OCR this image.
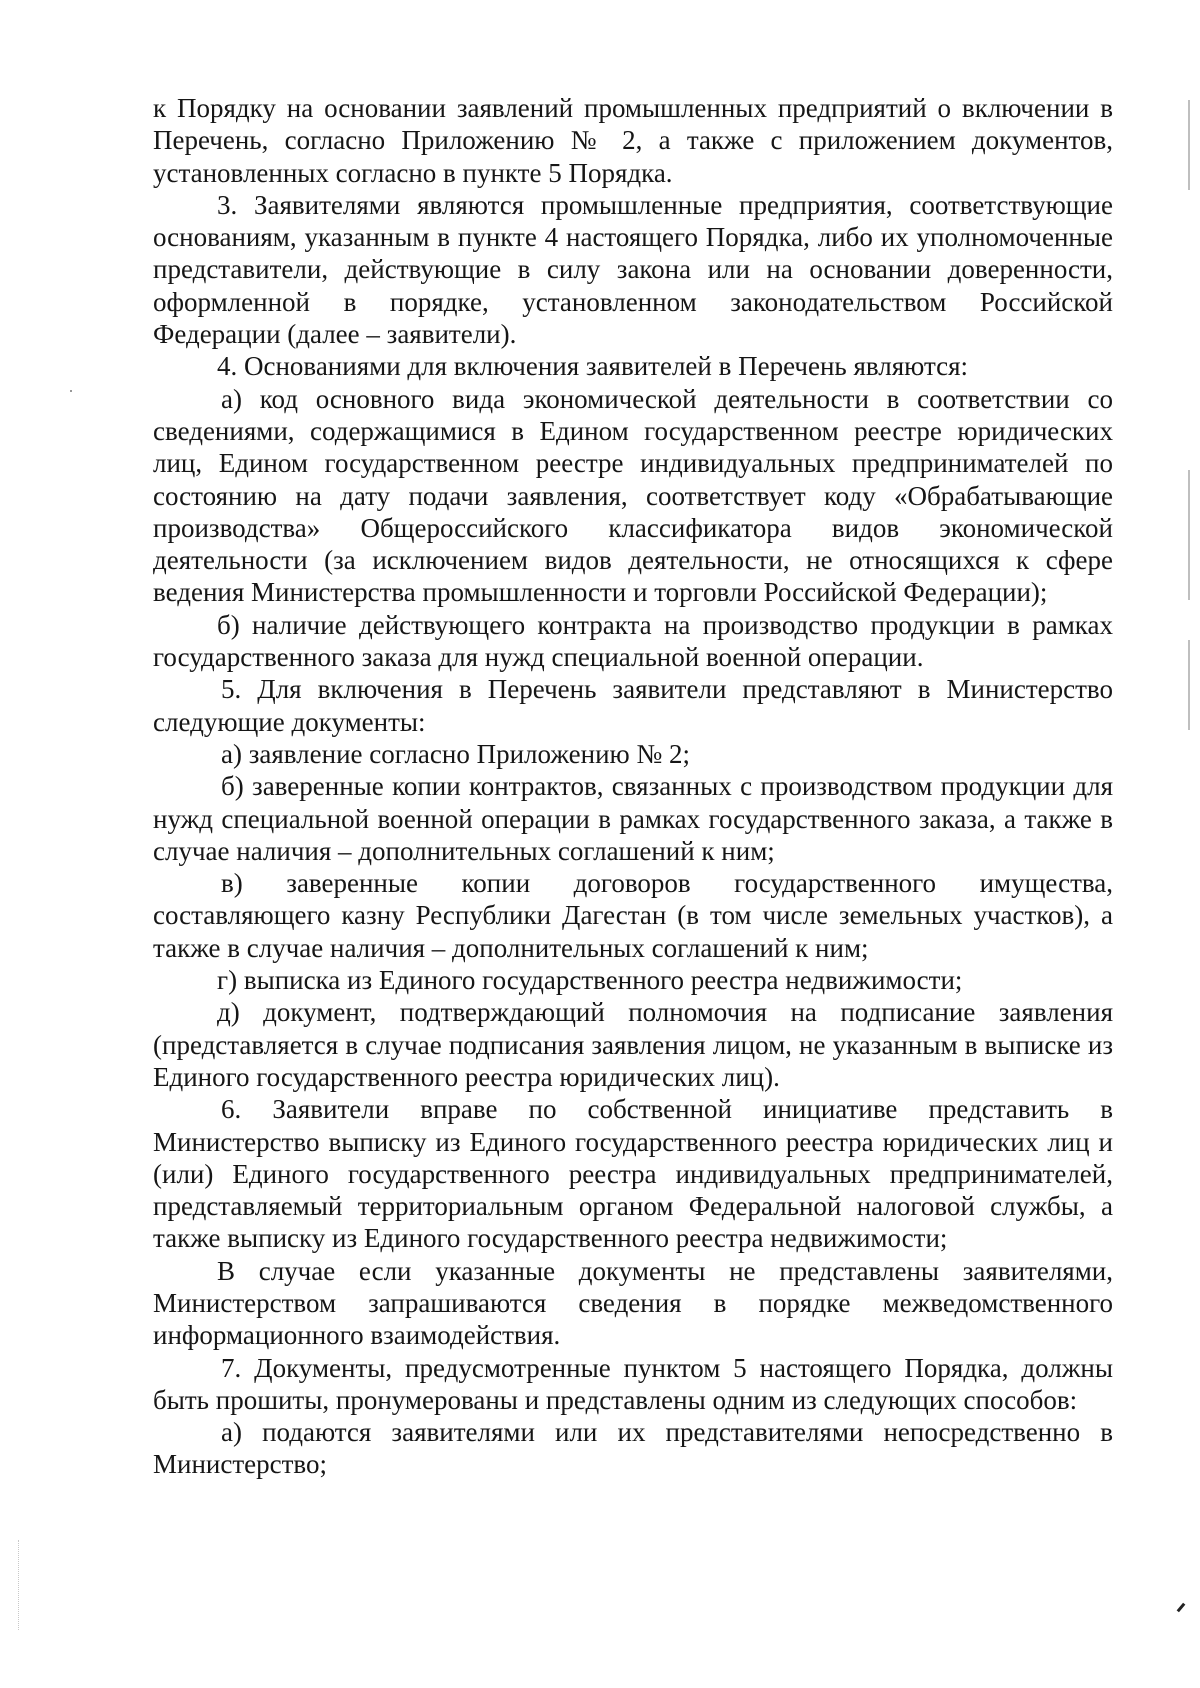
к Порядку на основании заявлений промышленных предприятий о включении в Перечень, согласно Приложению № 2, а также с приложением документов, установленных согласно в пункте 5 Порядка.

3. Заявителями являются промышленные предприятия, соответствующие основаниям, указанным в пункте 4 настоящего Порядка, либо их уполномоченные представители, действующие в силу закона или на основании доверенности, оформленной в порядке, установленном законодательством Российской Федерации (далее – заявители).

4. Основаниями для включения заявителей в Перечень являются:

а) код основного вида экономической деятельности в соответствии со сведениями, содержащимися в Едином государственном реестре юридических лиц, Едином государственном реестре индивидуальных предпринимателей по состоянию на дату подачи заявления, соответствует коду «Обрабатывающие производства» Общероссийского классификатора видов экономической деятельности (за исключением видов деятельности, не относящихся к сфере ведения Министерства промышленности и торговли Российской Федерации);

б) наличие действующего контракта на производство продукции в рамках государственного заказа для нужд специальной военной операции.

5. Для включения в Перечень заявители представляют в Министерство следующие документы:

а) заявление согласно Приложению № 2;

б) заверенные копии контрактов, связанных с производством продукции для нужд специальной военной операции в рамках государственного заказа, а также в случае наличия – дополнительных соглашений к ним;

в) заверенные копии договоров государственного имущества, составляющего казну Республики Дагестан (в том числе земельных участков), а также в случае наличия – дополнительных соглашений к ним;

г) выписка из Единого государственного реестра недвижимости;

д) документ, подтверждающий полномочия на подписание заявления (представляется в случае подписания заявления лицом, не указанным в выписке из Единого государственного реестра юридических лиц).

6. Заявители вправе по собственной инициативе представить в Министерство выписку из Единого государственного реестра юридических лиц и (или) Единого государственного реестра индивидуальных предпринимателей, представляемый территориальным органом Федеральной налоговой службы, а также выписку из Единого государственного реестра недвижимости;

В случае если указанные документы не представлены заявителями, Министерством запрашиваются сведения в порядке межведомственного информационного взаимодействия.

7. Документы, предусмотренные пунктом 5 настоящего Порядка, должны быть прошиты, пронумерованы и представлены одним из следующих способов:

а) подаются заявителями или их представителями непосредственно в Министерство;
